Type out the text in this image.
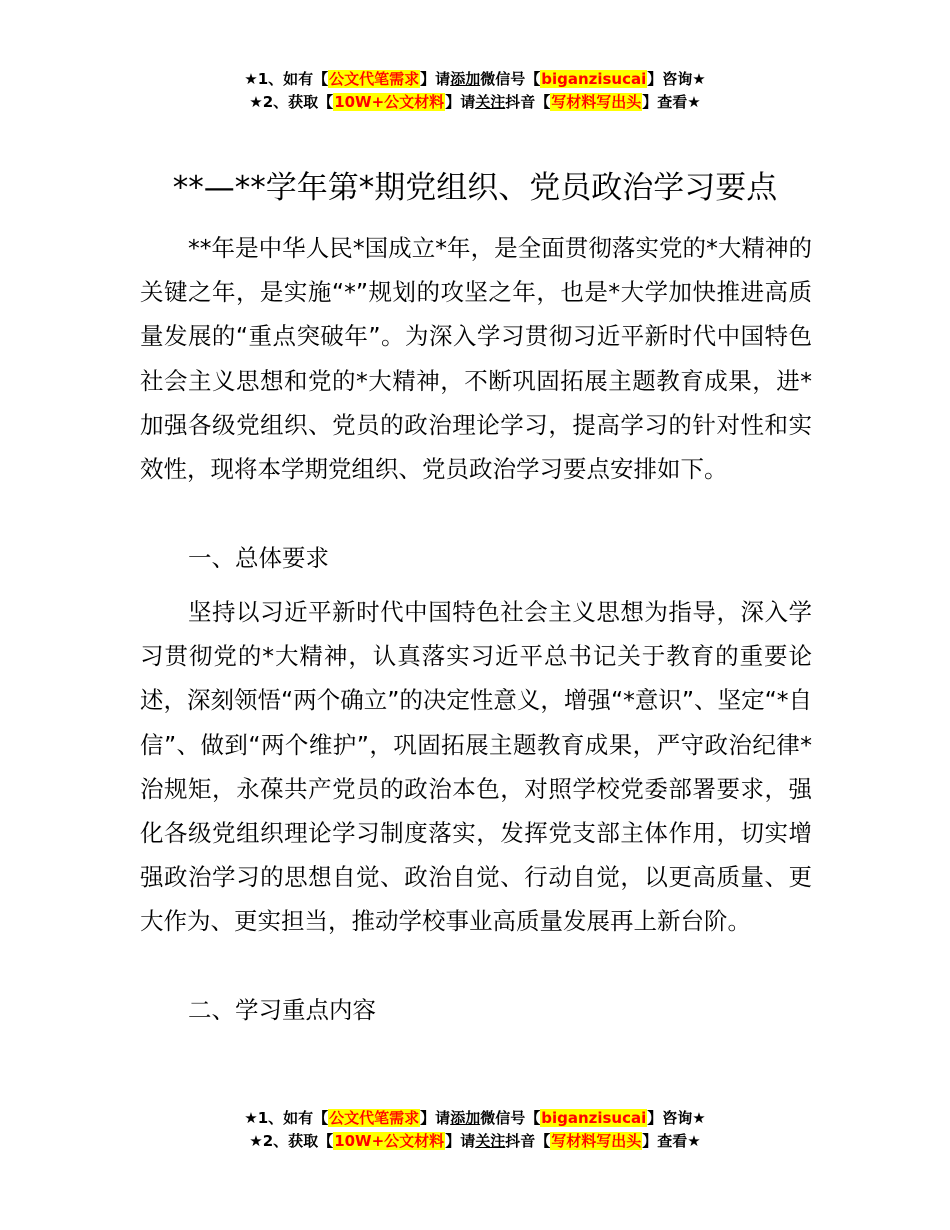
★1、如有【公文代笔需求】请添加微信号【biganzisucai】咨询★
★2、获取【10W+公文材料】请关注抖音【写材料写出头】查看★
**—**学年第*期党组织、党员政治学习要点

**年是中华人民*国成立*年，是全面贯彻落实党的*大精神的关键之年，是实施“*”规划的攻坚之年，也是*大学加快推进高质量发展的“重点突破年”。为深入学习贯彻习近平新时代中国特色社会主义思想和党的*大精神，不断巩固拓展主题教育成果，进*加强各级党组织、党员的政治理论学习，提高学习的针对性和实效性，现将本学期党组织、党员政治学习要点安排如下。

一、总体要求

坚持以习近平新时代中国特色社会主义思想为指导，深入学习贯彻党的*大精神，认真落实习近平总书记关于教育的重要论述，深刻领悟“两个确立”的决定性意义，增强“*意识”、坚定“*自信”、做到“两个维护”，巩固拓展主题教育成果，严守政治纪律*治规矩，永葆共产党员的政治本色，对照学校党委部署要求，强化各级党组织理论学习制度落实，发挥党支部主体作用，切实增强政治学习的思想自觉、政治自觉、行动自觉，以更高质量、更大作为、更实担当，推动学校事业高质量发展再上新台阶。

二、学习重点内容

★1、如有【公文代笔需求】请添加微信号【biganzisucai】咨询★
★2、获取【10W+公文材料】请关注抖音【写材料写出头】查看★
